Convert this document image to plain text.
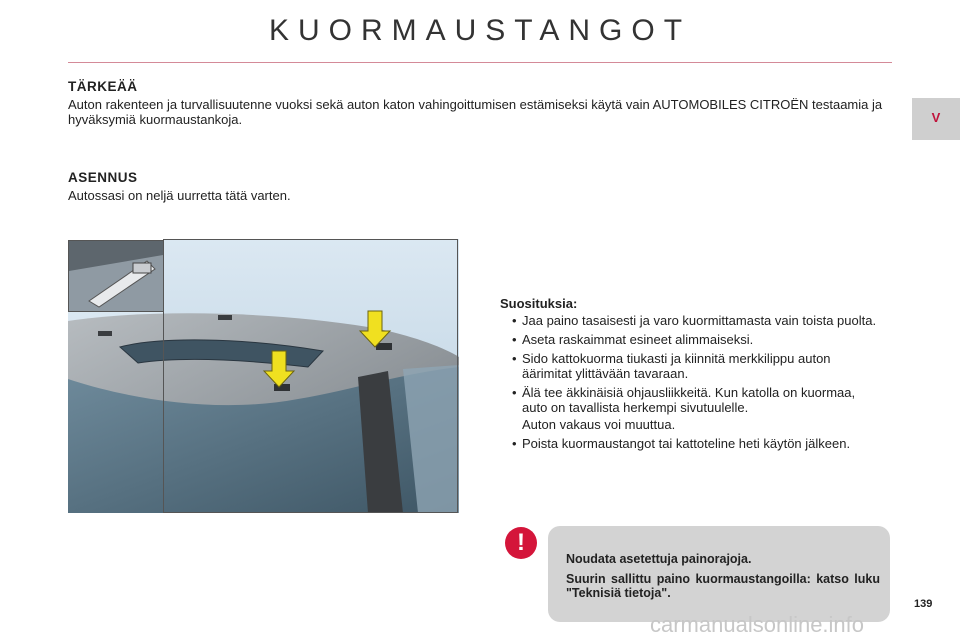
KUORMAUSTANGOT
V
TÄRKEÄÄ

Auton rakenteen ja turvallisuutenne vuoksi sekä auton katon vahingoittumisen estämiseksi käytä vain AUTOMOBILES CITROËN testaamia ja hyväksymiä kuormaustankoja.

ASENNUS

Autossasi on neljä uurretta tätä varten.

Suosituksia:

• Jaa paino tasaisesti ja varo kuormittamasta vain toista puolta.
• Aseta raskaimmat esineet alimmaiseksi.
• Sido kattokuorma tiukasti ja kiinnitä merkkilippu auton äärimitat ylittävään tavaraan.
• Älä tee äkkinäisiä ohjausliikkeitä. Kun katolla on kuormaa, auto on tavallista herkempi sivutuulelle.

Auton vakaus voi muuttua.

• Poista kuormaustangot tai kattoteline heti käytön jälkeen.
!

Noudata asetettuja painorajoja.

Suurin sallittu paino kuormaustangoilla: katso luku "Teknisiä tietoja".

139
carmanualsonline.info
